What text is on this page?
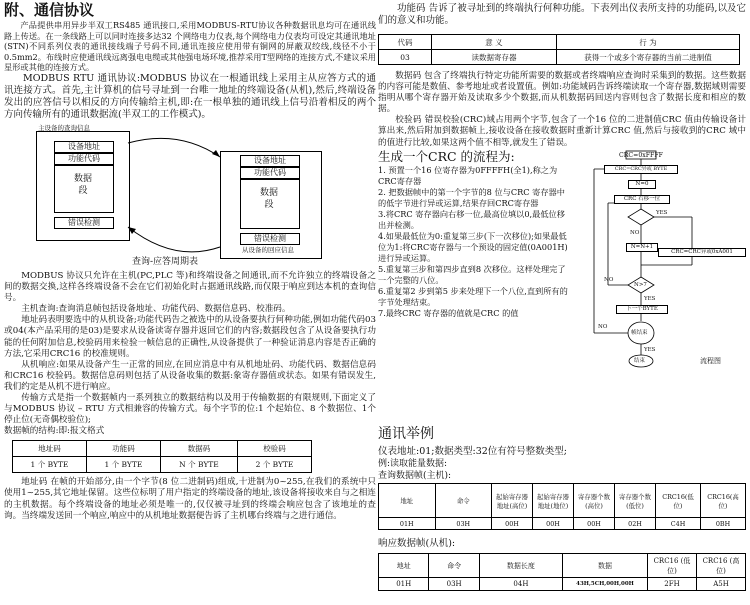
附、通信协议

产品提供串用异步半双工RS485 通讯接口,采用MODBUS-RTU协议各种数据讯息均可在通讯线路上传送。在一条线路上可以同时连接多达32 个网络电力仪表,每个网络电力仪表均可设定其通讯地址(STN)不同系列仪表的通讯接线端子号码不同,通讯连接应使用带有铜网的屏蔽双绞线,线径不小于0.5mm2。布线时应使通讯线远离强电电缆或其他强电场环境,推荐采用T型网络的连接方式,不建议采用星形或其他的连接方式。

MODBUS RTU 通讯协议:MODBUS 协议在一根通讯线上采用主从应答方式的通讯连接方式。首先,主计算机的信号寻址到一台唯一地址的终端设备(从机),然后,终端设备发出的应答信号以相反的方向传输给主机,即:在一根单独的通讯线上信号沿着相反的两个方向传输所有的通讯数据流(半双工的工作模式)。

主设备的查询信息
设备地址
功能代码
数据段
错误检测
设备地址
功能代码
数据段
错误检测
从设备的回应信息
查询-应答周期表

MODBUS 协议只允许在主机(PC,PLC 等)和终端设备之间通讯,而不允许独立的终端设备之间的数据交换,这样各终端设备不会在它们初始化时占据通讯线路,而仅限于响应到达本机的查询信号。

主机查询:查询消息帧包括设备地址、功能代码、数据信息码、校准码。

地址码表明要选中的从机设备;功能代码告之被选中的从设备要执行何种功能,例如功能代码03或04(本产品采用的是03)是要求从设备读寄存器并返回它们的内容;数据段包含了从设备要执行功能的任何附加信息,校验码用来检验一帧信息的正确性,从设备提供了一种验证消息内容是否正确的方法,它采用CRC16 的校准规则。

从机响应:如果从设备产生一正常的回应,在回应消息中有从机地址码、功能代码、数据信息码和CRC16 校验码。数据信息码则包括了从设备收集的数据:象寄存器值或状态。如果有错误发生,我们约定是从机不进行响应。

传输方式是指一个数据帧内一系列独立的数据结构以及用于传输数据的有限规则,下面定义了与MODBUS 协议 – RTU 方式相兼容的传输方式。每个字节的位:1 个起始位、8 个数据位、1个停止位(无奇偶校验位);

数据帧的结构:即:报文格式

地址码	功能码	数据码	校验码
1 个 BYTE	1 个 BYTE	N 个 BYTE	2 个 BYTE

地址码 在帧的开始部分,由一个字节(8 位二进制码)组成,十进制为0~255,在我们的系统中只使用1~255,其它地址保留。这些位标明了用户指定的终端设备的地址,该设备将接收来自与之相连的主机数据。每个终端设备的地址必须是唯一的,仅仅被寻址到的终端会响应包含了该地址的查询。当终端发送回一个响应,响应中的从机地址数据便告诉了主机哪台终端与之进行通信。

功能码 告诉了被寻址到的终端执行何种功能。下表列出仪表所支持的功能码,以及它们的意义和功能。

代码	意 义	行 为
03	读数据寄存器	获得一个或多个寄存器的当前二进制值

数据码 包含了终端执行特定功能所需要的数据或者终端响应查询时采集到的数据。这些数据的内容可能是数值、参考地址或者设置值。例如:功能域码告诉终端读取一个寄存器,数据域则需要指明从哪个寄存器开始及读取多少个数据,而从机数据码回送内容则包含了数据长度和相应的数据。

校验码 错误校验(CRC)域占用两个字节,包含了一个16 位的二进制值CRC 值由传输设备计算出来,然后附加到数据帧上,接收设备在接收数据时重新计算CRC 值,然后与接收到的CRC 域中的值进行比较,如果这两个值不相等,就发生了错误。

生成一个CRC 的流程为:
1. 预置一个16 位寄存器为0FFFFH(全1),称之为CRC寄存器
2. 把数据帧中的第一个字节的8 位与CRC 寄存器中的低字节进行异或运算,结果存回CRC寄存器
3.将CRC 寄存器向右移一位,最高位填以0,最低位移出并检测。
4.如果最低位为0:重复第三步(下一次移位);如果最低位为1:将CRC寄存器与一个预设的固定值(0A001H)进行异或运算。
5.重复第三步和第四步直到8 次移位。这样处理完了一个完整的八位。
6.重复第2 步到第5 步来处理下一个八位,直到所有的字节处理结束。
7.最终CRC 寄存器的值就是CRC 的值
CRC=0xFFFF
CRC=CRC异或 BYTE
N=0
CRC 右移一位
YES
NO
CRC=CRC异或0xA001
N=N+1
N>7
NO
YES
下一个BYTE
帧结束
NO
YES
结束	流程图
通讯举例

仪表地址:01;数据类型:32位有符号整数类型;

例:读取能量数据:

查询数据帧(主机):

地址	命令	起始寄存器地址(高位)	起始寄存器地址(地位)	寄存器个数(高位)	寄存器个数(低位)	CRC16(低位)	CRC16(高位)
01H	03H	00H	00H	00H	02H	C4H	0BH

响应数据帧(从机):

地址	命令	数据长度	数据	CRC16 (低位)	CRC16 (高位)
01H	03H	04H	43H,5CH,00H,00H	2FH	A5H
